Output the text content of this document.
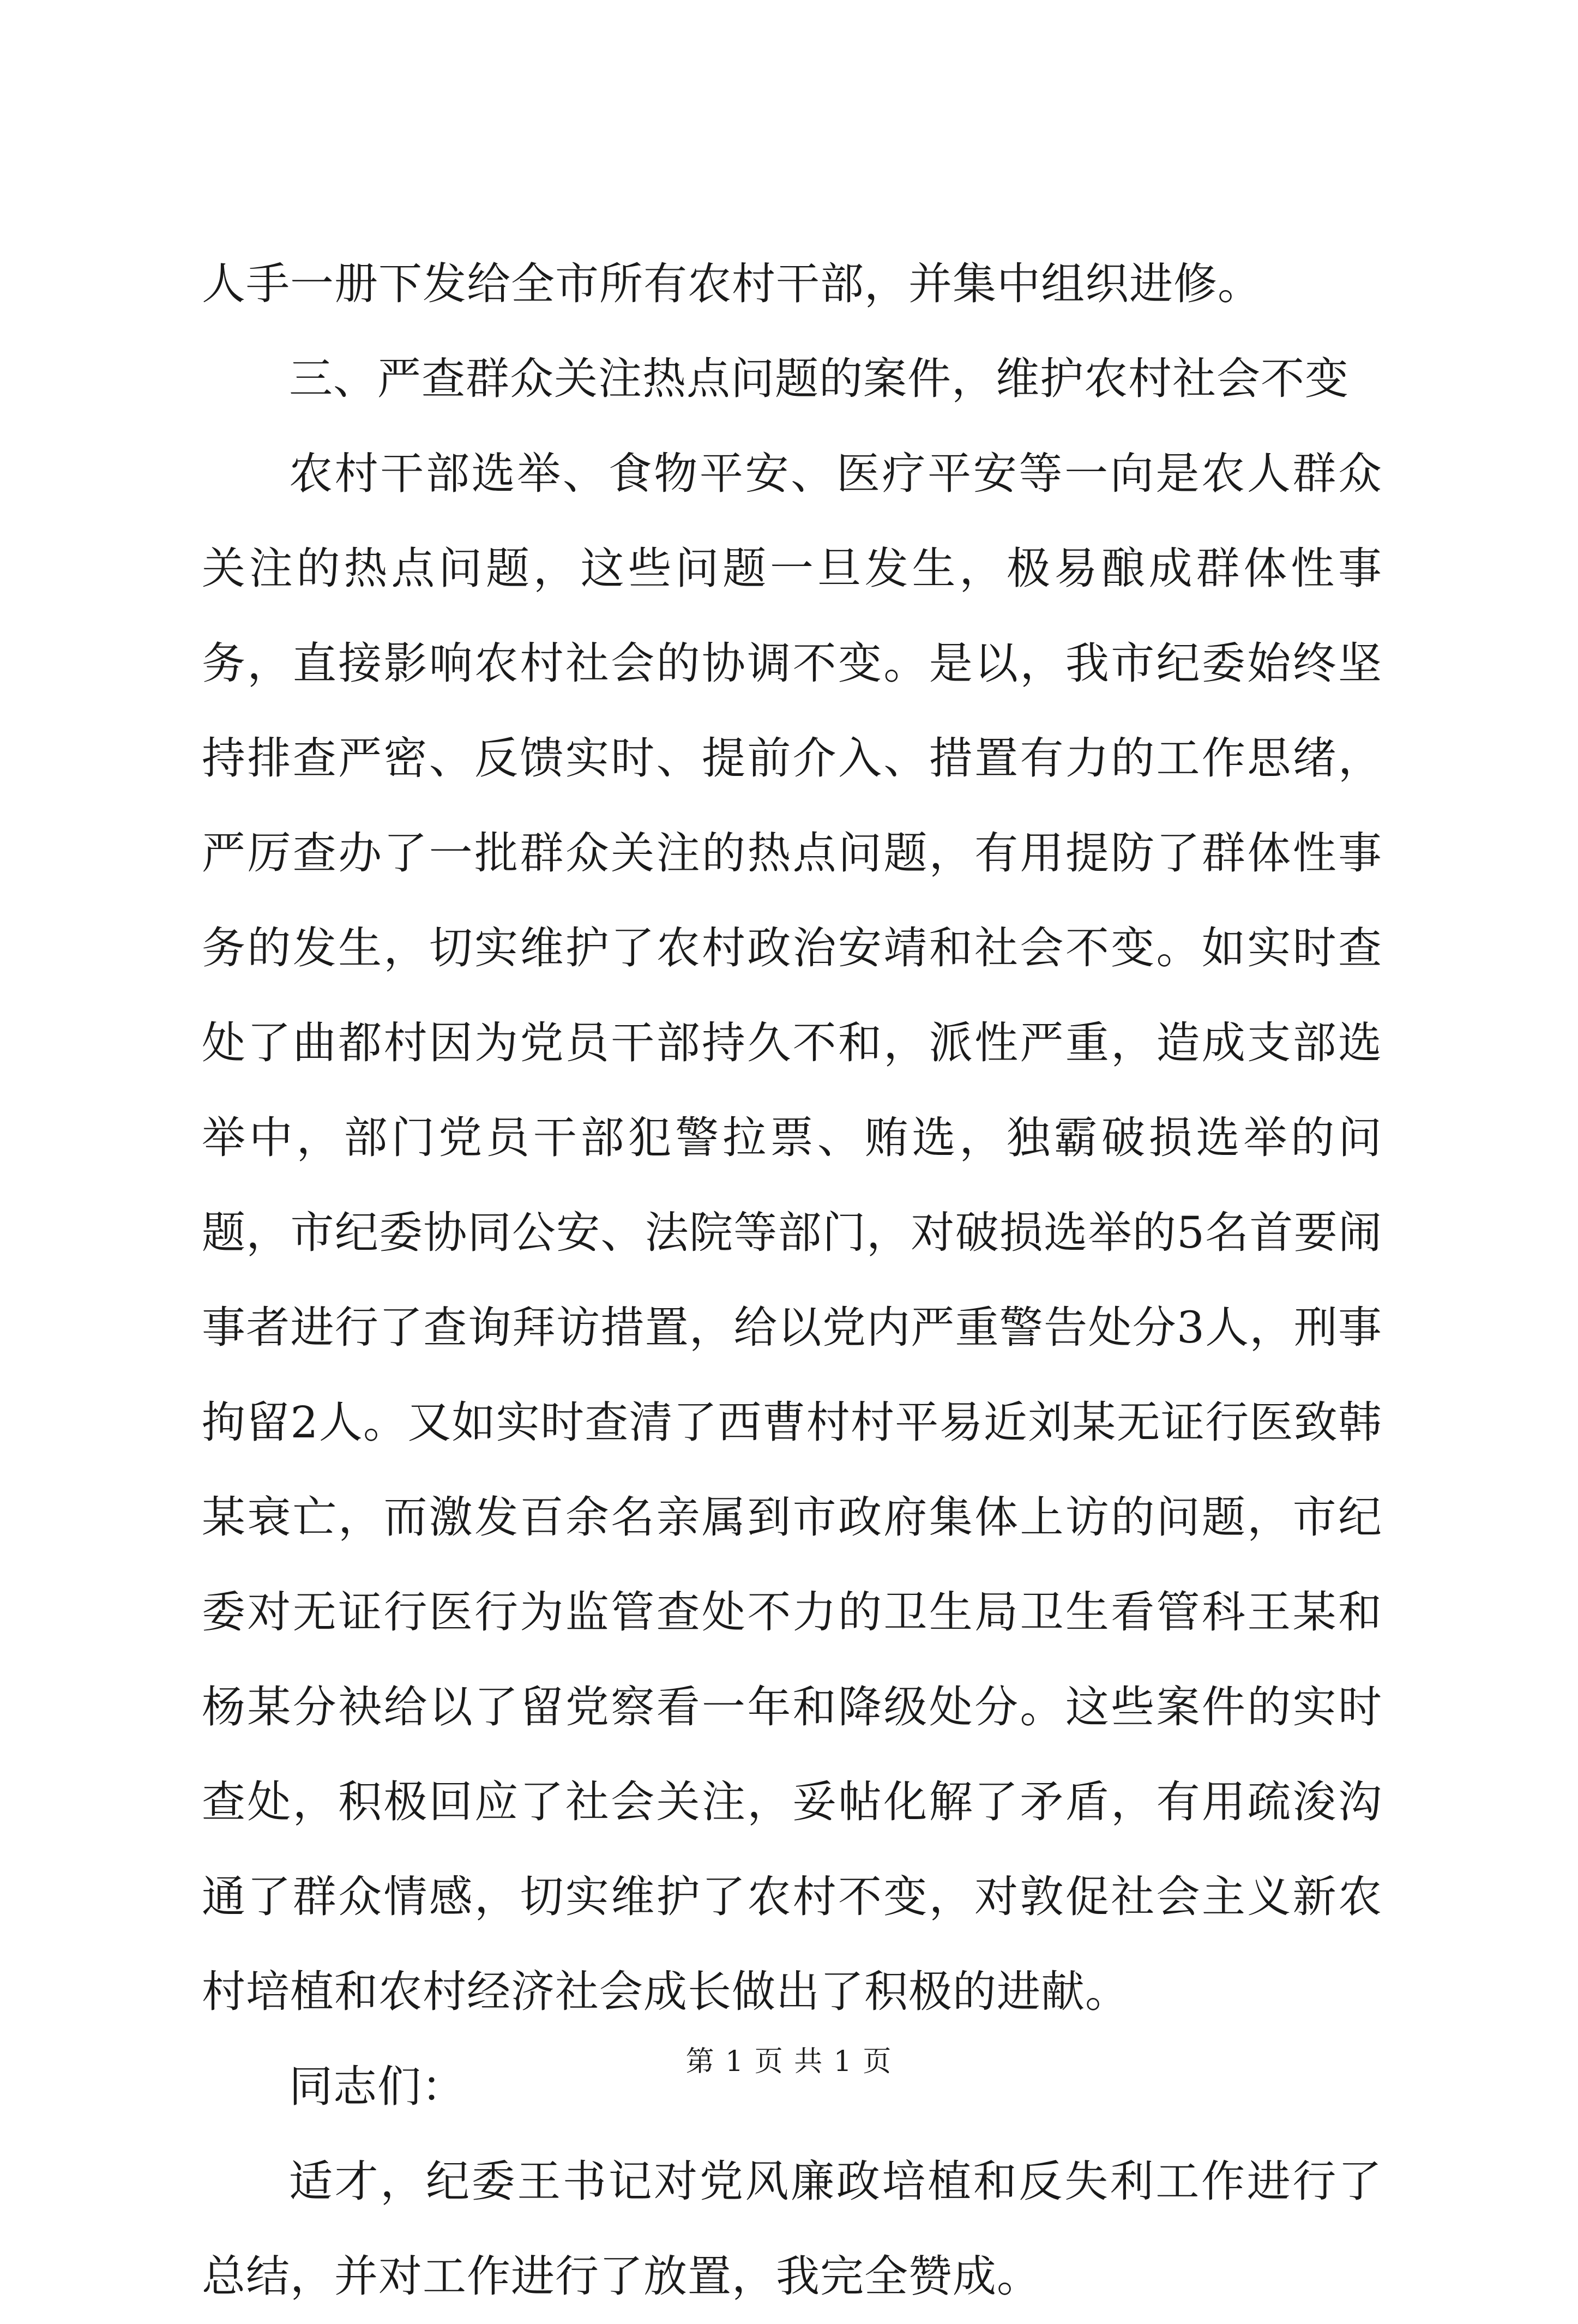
人手一册下发给全市所有农村干部，并集中组织进修。

三、严查群众关注热点问题的案件，维护农村社会不变

农村干部选举、食物平安、医疗平安等一向是农人群众关注的热点问题，这些问题一旦发生，极易酿成群体性事务，直接影响农村社会的协调不变。是以，我市纪委始终坚持排查严密、反馈实时、提前介入、措置有力的工作思绪，严厉查办了一批群众关注的热点问题，有用提防了群体性事务的发生，切实维护了农村政治安靖和社会不变。如实时查处了曲都村因为党员干部持久不和，派性严重，造成支部选举中，部门党员干部犯警拉票、贿选，独霸破损选举的问题，市纪委协同公安、法院等部门，对破损选举的5名首要闹事者进行了查询拜访措置，给以党内严重警告处分3人，刑事拘留2人。又如实时查清了西曹村村平易近刘某无证行医致韩某衰亡，而激发百余名亲属到市政府集体上访的问题，市纪委对无证行医行为监管查处不力的卫生局卫生看管科王某和杨某分袂给以了留党察看一年和降级处分。这些案件的实时查处，积极回应了社会关注，妥帖化解了矛盾，有用疏浚沟通了群众情感，切实维护了农村不变，对敦促社会主义新农村培植和农村经济社会成长做出了积极的进献。

同志们：

适才，纪委王书记对党风廉政培植和反失利工作进行了总结，并对工作进行了放置，我完全赞成。

第 1 页 共 1 页
